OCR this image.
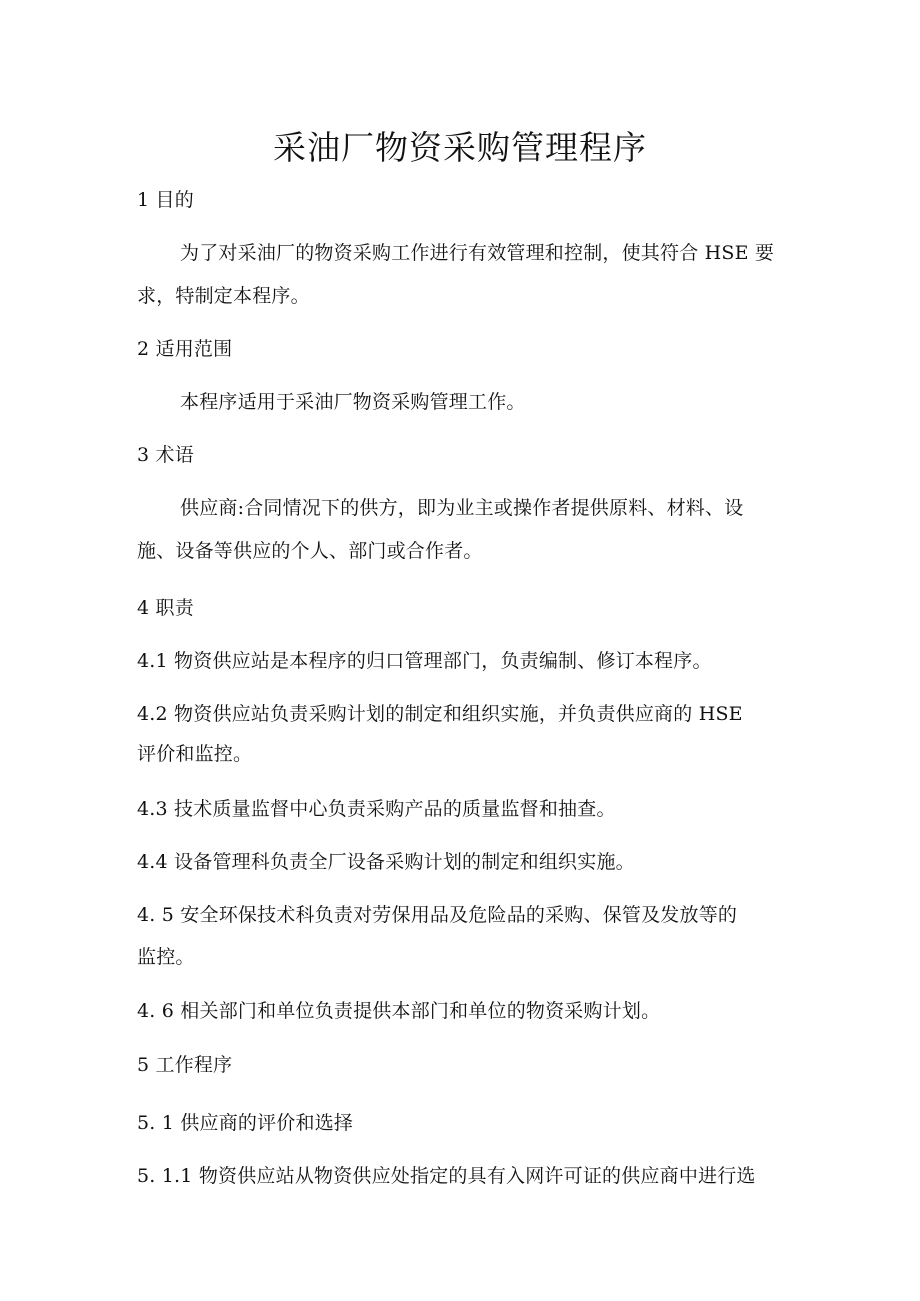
采油厂物资采购管理程序
1 目的
为了对采油厂的物资采购工作进行有效管理和控制，使其符合 HSE 要
求，特制定本程序。
2 适用范围
本程序适用于采油厂物资采购管理工作。
3 术语
供应商:合同情况下的供方，即为业主或操作者提供原料、材料、设
施、设备等供应的个人、部门或合作者。
4 职责
4.1 物资供应站是本程序的归口管理部门，负责编制、修订本程序。
4.2 物资供应站负责采购计划的制定和组织实施，并负责供应商的 HSE
评价和监控。
4.3 技术质量监督中心负责采购产品的质量监督和抽查。
4.4 设备管理科负责全厂设备采购计划的制定和组织实施。
4. 5 安全环保技术科负责对劳保用品及危险品的采购、保管及发放等的
监控。
4. 6 相关部门和单位负责提供本部门和单位的物资采购计划。
5 工作程序
5. 1 供应商的评价和选择
5. 1.1 物资供应站从物资供应处指定的具有入网许可证的供应商中进行选
